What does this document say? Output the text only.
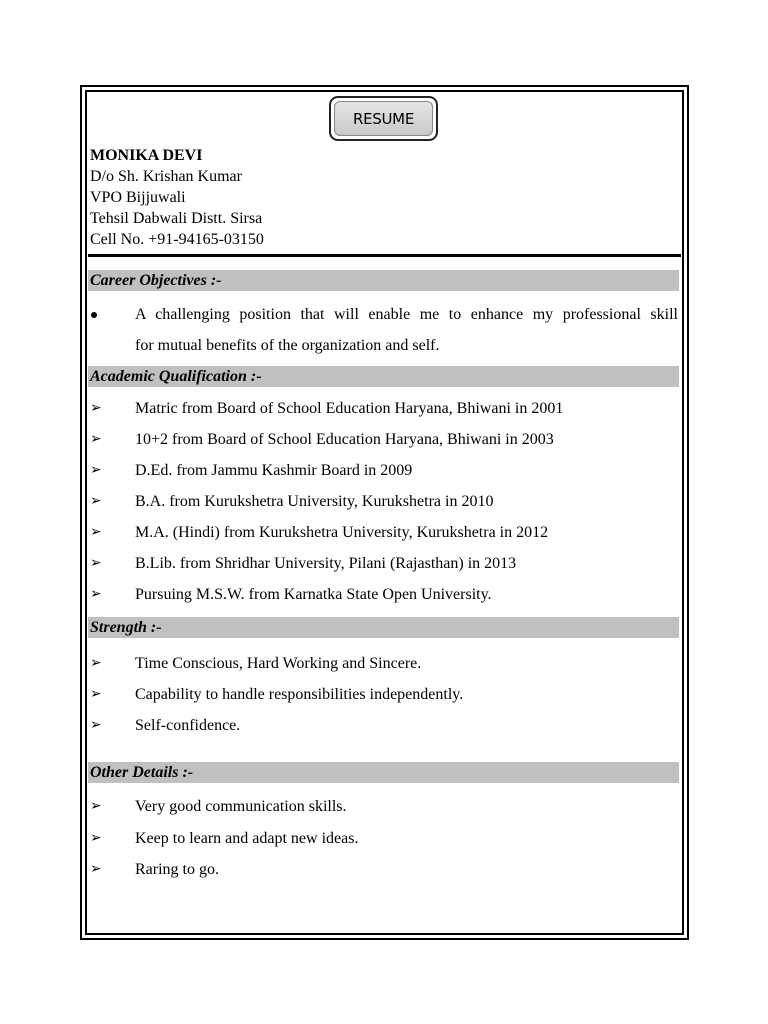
RESUME
MONIKA DEVI
D/o Sh. Krishan Kumar
VPO Bijjuwali
Tehsil Dabwali Distt. Sirsa
Cell No. +91-94165-03150
Career Objectives :-
A challenging position that will enable me to enhance my professional skill
for mutual benefits of the organization and self.
Academic Qualification :-
➢ Matric from Board of School Education Haryana, Bhiwani in 2001
➢ 10+2 from Board of School Education Haryana, Bhiwani in 2003
➢ D.Ed. from Jammu Kashmir Board in 2009
➢ B.A. from Kurukshetra University, Kurukshetra in 2010
➢ M.A. (Hindi) from Kurukshetra University, Kurukshetra in 2012
➢ B.Lib. from Shridhar University, Pilani (Rajasthan) in 2013
➢ Pursuing M.S.W. from Karnatka State Open University.
Strength :-
➢ Time Conscious, Hard Working and Sincere.
➢ Capability to handle responsibilities independently.
➢ Self-confidence.
Other Details :-
➢ Very good communication skills.
➢ Keep to learn and adapt new ideas.
➢ Raring to go.
